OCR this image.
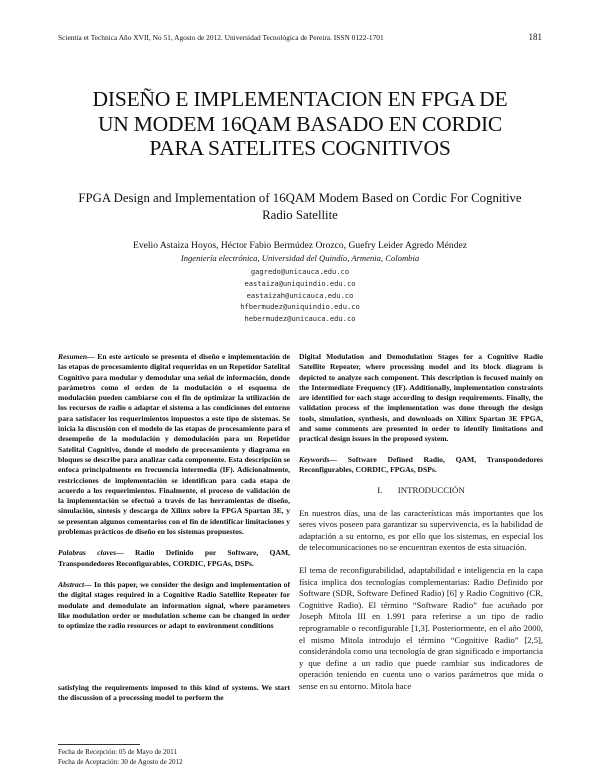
Scientia et Technica Año XVII, No 51, Agosto de 2012. Universidad Tecnológica de Pereira. ISSN 0122-1701	181
DISEÑO E IMPLEMENTACION EN FPGA DE
UN MODEM 16QAM BASADO EN CORDIC
PARA SATELITES COGNITIVOS
FPGA Design and Implementation of 16QAM Modem Based on Cordic For Cognitive
Radio Satellite
Evelio Astaiza Hoyos, Héctor Fabio Bermúdez Orozco, Guefry Leider Agredo Méndez
Ingeniería electrónica, Universidad del Quindío, Armenia, Colombia
gagredo@unicauca.edu.co
eastaiza@uniquindio.edu.co
eastaizah@unicauca.edu.co
hfbermudez@uniquindio.edu.co
hebermudez@unicauca.edu.co

Resumen— En este artículo se presenta el diseño e implementación de las etapas de procesamiento digital requeridas en un Repetidor Satelital Cognitivo para modular y demodular una señal de información, donde parámetros como el orden de la modulación o el esquema de modulación pueden cambiarse con el fin de optimizar la utilización de los recursos de radio o adaptar el sistema a las condiciones del entorno para satisfacer los requerimientos impuestos a este tipo de sistemas. Se inicia la discusión con el modelo de las etapas de procesamiento para el desempeño de la modulación y demodulación para un Repetidor Satelital Cognitivo, donde el modelo de procesamiento y diagrama en bloques se describe para analizar cada componente. Esta descripción se enfoca principalmente en frecuencia intermedia (IF). Adicionalmente, restricciones de implementación se identifican para cada etapa de acuerdo a los requerimientos. Finalmente, el proceso de validación de la implementación se efectuó a través de las herramientas de diseño, simulación, síntesis y descarga de Xilinx sobre la FPGA Spartan 3E, y se presentan algunos comentarios con el fin de identificar limitaciones y problemas prácticos de diseño en los sistemas propuestos.

Palabras claves— Radio Definido por Software, QAM, Transpondedores Reconfigurables, CORDIC, FPGAs, DSPs.

Abstract— In this paper, we consider the design and implementation of the digital stages required in a Cognitive Radio Satellite Repeater for modulate and demodulate an information signal, where parameters like modulation order or modulation scheme can be changed in order to optimize the radio resources or adapt to environment conditions

satisfying the requirements imposed to this kind of systems. We start the discussion of a processing model to perform the
Fecha de Recepción: 05 de Mayo de 2011
Fecha de Aceptación: 30 de Agosto de 2012

Digital Modulation and Demodulation Stages for a Cognitive Radio Satellite Repeater, where processing model and its block diagram is depicted to analyze each component. This description is focused mainly on the Intermediate Frequency (IF). Additionally, implementation constraints are identified for each stage according to design requirements. Finally, the validation process of the implementation was done through the design tools, simulation, synthesis, and downloads on Xilinx Spartan 3E FPGA, and some comments are presented in order to identify limitations and practical design issues in the proposed system.

Keywords— Software Defined Radio, QAM, Transpondedores Reconfigurables, CORDIC, FPGAs, DSPs.

I. INTRODUCCIÓN

En nuestros días, una de las características más importantes que los seres vivos poseen para garantizar su supervivencia, es la habilidad de adaptación a su entorno, es por ello que los sistemas, en especial los de telecomunicaciones no se encuentran exentos de esta situación.

El tema de reconfigurabilidad, adaptabilidad e inteligencia en la capa física implica dos tecnologías complementarias: Radio Definido por Software (SDR, Software Defined Radio) [6] y Radio Cognitivo (CR, Cognitive Radio). El término “Software Radio” fue acuñado por Joseph Mitola III en 1.991 para referirse a un tipo de radio reprogramable o reconfigurable [1,3]. Posteriormente, en el año 2000, el mismo Mitola introdujo el término “Cognitive Radio” [2,5], considerándola como una tecnología de gran significado e importancia y que define a un radio que puede cambiar sus indicadores de operación teniendo en cuenta uno o varios parámetros que mida o sense en su entorno. Mitola hace
